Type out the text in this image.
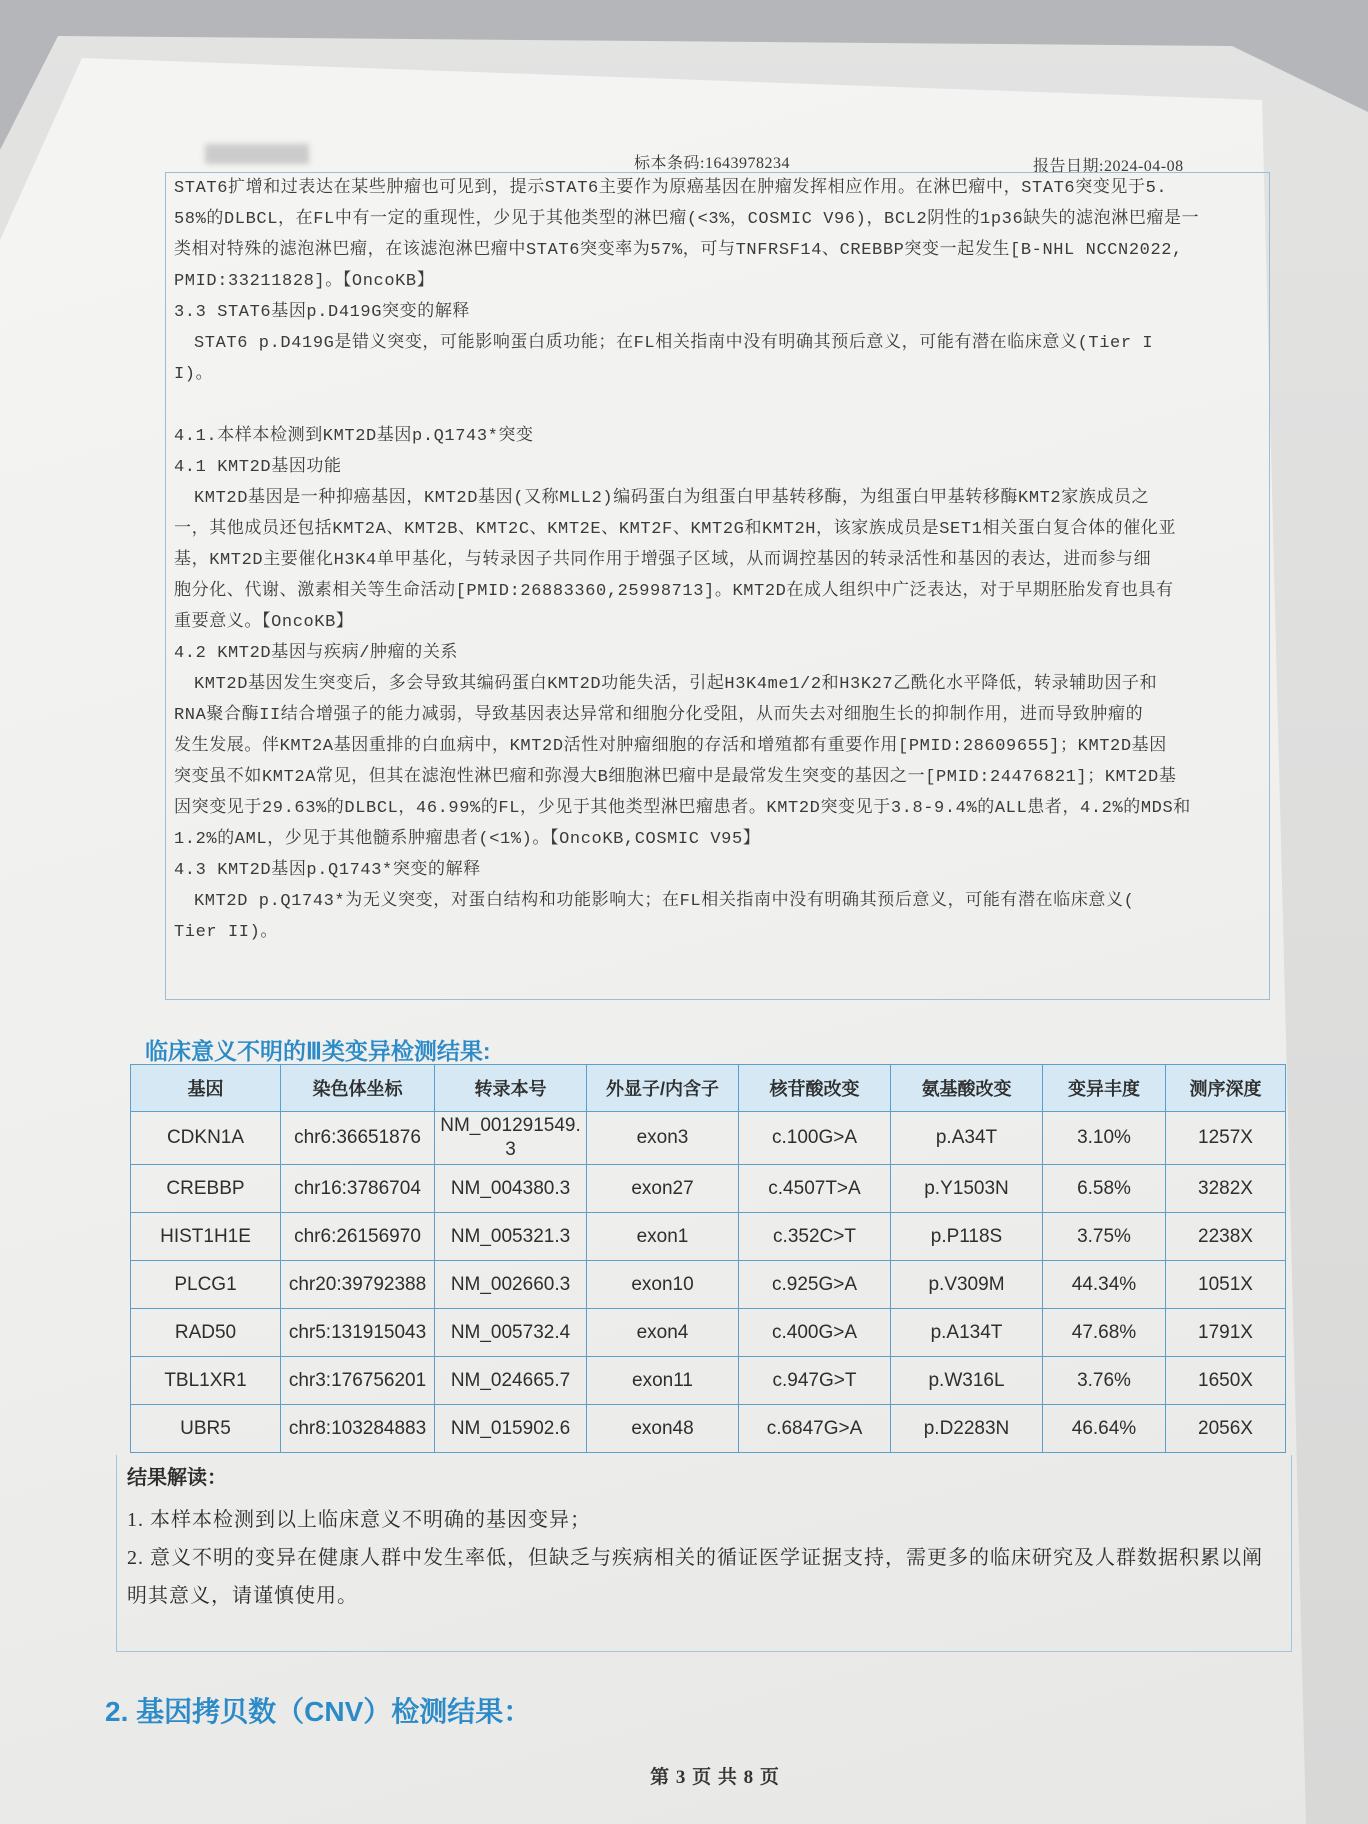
标本条码:1643978234	报告日期:2024-04-08
STAT6扩增和过表达在某些肿瘤也可见到，提示STAT6主要作为原癌基因在肿瘤发挥相应作用。在淋巴瘤中，STAT6突变见于5.
58%的DLBCL，在FL中有一定的重现性，少见于其他类型的淋巴瘤(<3%，COSMIC V96)，BCL2阴性的1p36缺失的滤泡淋巴瘤是一
类相对特殊的滤泡淋巴瘤，在该滤泡淋巴瘤中STAT6突变率为57%，可与TNFRSF14、CREBBP突变一起发生[B-NHL NCCN2022,
PMID:33211828]。【OncoKB】
3.3 STAT6基因p.D419G突变的解释
STAT6 p.D419G是错义突变，可能影响蛋白质功能；在FL相关指南中没有明确其预后意义，可能有潜在临床意义(Tier I
I)。
4.1.本样本检测到KMT2D基因p.Q1743*突变
4.1 KMT2D基因功能
KMT2D基因是一种抑癌基因，KMT2D基因(又称MLL2)编码蛋白为组蛋白甲基转移酶，为组蛋白甲基转移酶KMT2家族成员之
一，其他成员还包括KMT2A、KMT2B、KMT2C、KMT2E、KMT2F、KMT2G和KMT2H，该家族成员是SET1相关蛋白复合体的催化亚
基，KMT2D主要催化H3K4单甲基化，与转录因子共同作用于增强子区域，从而调控基因的转录活性和基因的表达，进而参与细
胞分化、代谢、激素相关等生命活动[PMID:26883360,25998713]。KMT2D在成人组织中广泛表达，对于早期胚胎发育也具有
重要意义。【OncoKB】
4.2 KMT2D基因与疾病/肿瘤的关系
KMT2D基因发生突变后，多会导致其编码蛋白KMT2D功能失活，引起H3K4me1/2和H3K27乙酰化水平降低，转录辅助因子和
RNA聚合酶II结合增强子的能力减弱，导致基因表达异常和细胞分化受阻，从而失去对细胞生长的抑制作用，进而导致肿瘤的
发生发展。伴KMT2A基因重排的白血病中，KMT2D活性对肿瘤细胞的存活和增殖都有重要作用[PMID:28609655]；KMT2D基因
突变虽不如KMT2A常见，但其在滤泡性淋巴瘤和弥漫大B细胞淋巴瘤中是最常发生突变的基因之一[PMID:24476821]；KMT2D基
因突变见于29.63%的DLBCL，46.99%的FL，少见于其他类型淋巴瘤患者。KMT2D突变见于3.8-9.4%的ALL患者，4.2%的MDS和
1.2%的AML，少见于其他髓系肿瘤患者(<1%)。【OncoKB,COSMIC V95】
4.3 KMT2D基因p.Q1743*突变的解释
KMT2D p.Q1743*为无义突变，对蛋白结构和功能影响大；在FL相关指南中没有明确其预后意义，可能有潜在临床意义(
Tier II)。
临床意义不明的Ⅲ类变异检测结果:
基因	染色体坐标	转录本号	外显子/内含子	核苷酸改变	氨基酸改变	变异丰度	测序深度
CDKN1A	chr6:36651876	NM_001291549.3	exon3	c.100G>A	p.A34T	3.10%	1257X
CREBBP	chr16:3786704	NM_004380.3	exon27	c.4507T>A	p.Y1503N	6.58%	3282X
HIST1H1E	chr6:26156970	NM_005321.3	exon1	c.352C>T	p.P118S	3.75%	2238X
PLCG1	chr20:39792388	NM_002660.3	exon10	c.925G>A	p.V309M	44.34%	1051X
RAD50	chr5:131915043	NM_005732.4	exon4	c.400G>A	p.A134T	47.68%	1791X
TBL1XR1	chr3:176756201	NM_024665.7	exon11	c.947G>T	p.W316L	3.76%	1650X
UBR5	chr8:103284883	NM_015902.6	exon48	c.6847G>A	p.D2283N	46.64%	2056X
结果解读：
1. 本样本检测到以上临床意义不明确的基因变异；
2. 意义不明的变异在健康人群中发生率低，但缺乏与疾病相关的循证医学证据支持，需更多的临床研究及人群数据积累以阐明其意义，请谨慎使用。
2. 基因拷贝数（CNV）检测结果：
第 3 页 共 8 页
